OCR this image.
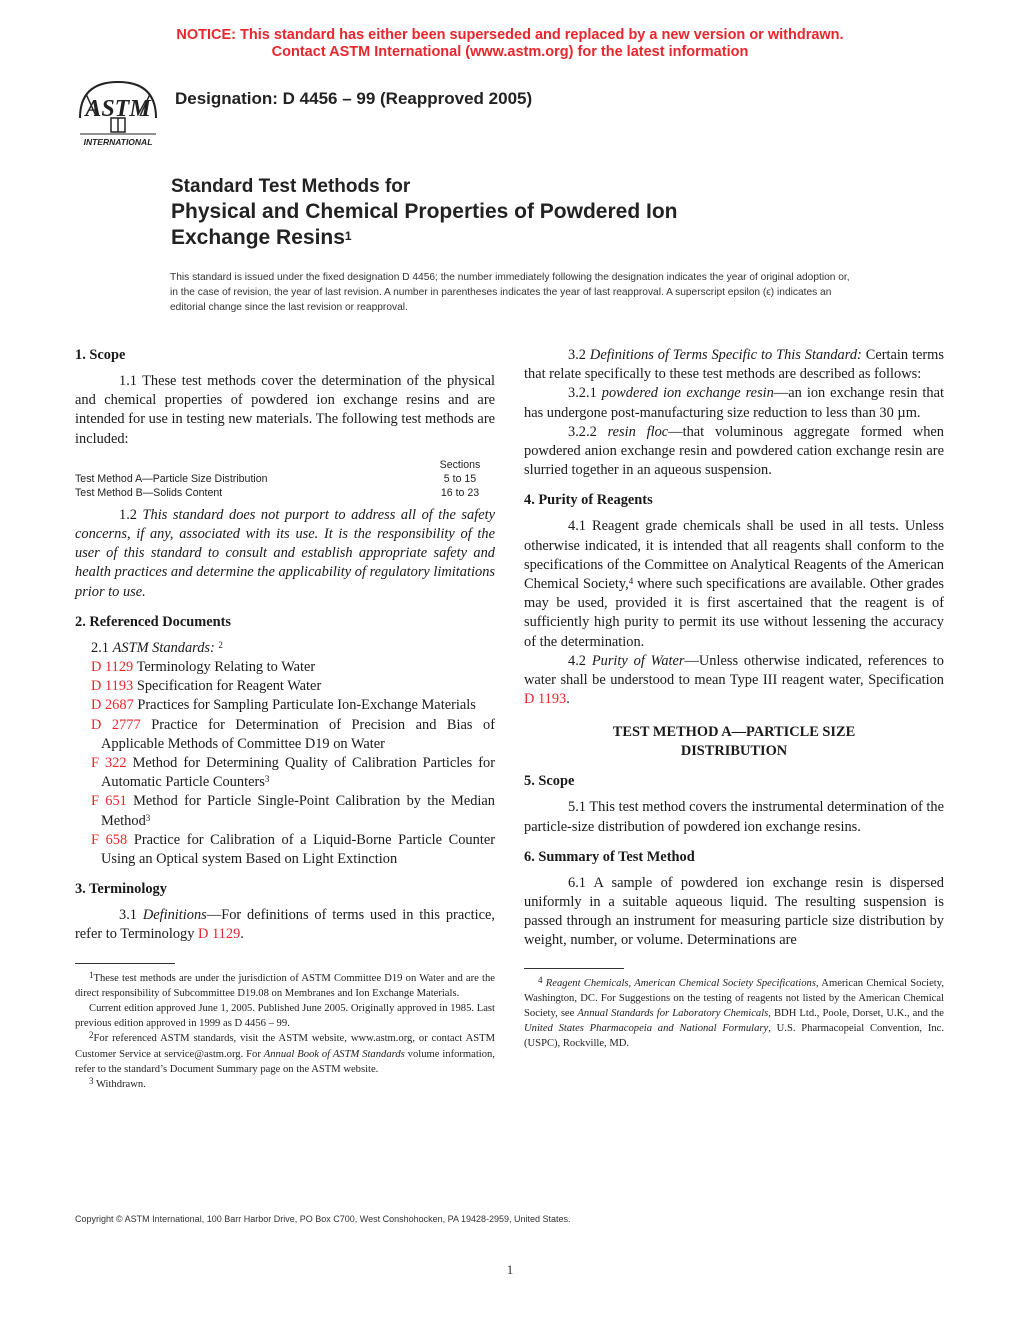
NOTICE: This standard has either been superseded and replaced by a new version or withdrawn.
Contact ASTM International (www.astm.org) for the latest information
ASTM
INTERNATIONAL
Designation: D 4456 – 99 (Reapproved 2005)
Standard Test Methods for
Physical and Chemical Properties of Powdered Ion
Exchange Resins$^1$
This standard is issued under the fixed designation D 4456; the number immediately following the designation indicates the year of original adoption or, in the case of revision, the year of last revision. A number in parentheses indicates the year of last reapproval. A superscript epsilon (ϵ) indicates an editorial change since the last revision or reapproval.
1. Scope

1.1 These test methods cover the determination of the physical and chemical properties of powdered ion exchange resins and are intended for use in testing new materials. The following test methods are included:

Sections
Test Method A—Particle Size Distribution	5 to 15
Test Method B—Solids Content	16 to 23

1.2 This standard does not purport to address all of the safety concerns, if any, associated with its use. It is the responsibility of the user of this standard to consult and establish appropriate safety and health practices and determine the applicability of regulatory limitations prior to use.

2. Referenced Documents

2.1 ASTM Standards: $^2$

D 1129 Terminology Relating to Water
D 1193 Specification for Reagent Water
D 2687 Practices for Sampling Particulate Ion-Exchange Materials
D 2777 Practice for Determination of Precision and Bias of Applicable Methods of Committee D19 on Water
F 322 Method for Determining Quality of Calibration Particles for Automatic Particle Counters$^3$
F 651 Method for Particle Single-Point Calibration by the Median Method$^3$
F 658 Practice for Calibration of a Liquid-Borne Particle Counter Using an Optical system Based on Light Extinction
3. Terminology

3.1 Definitions—For definitions of terms used in this practice, refer to Terminology D 1129.

$^1$These test methods are under the jurisdiction of ASTM Committee D19 on Water and are the direct responsibility of Subcommittee D19.08 on Membranes and Ion Exchange Materials.

Current edition approved June 1, 2005. Published June 2005. Originally approved in 1985. Last previous edition approved in 1999 as D 4456 – 99.

$^2$For referenced ASTM standards, visit the ASTM website, www.astm.org, or contact ASTM Customer Service at service@astm.org. For Annual Book of ASTM Standards volume information, refer to the standard’s Document Summary page on the ASTM website.

$^3$ Withdrawn.

3.2 Definitions of Terms Specific to This Standard: Certain terms that relate specifically to these test methods are described as follows:

3.2.1 powdered ion exchange resin—an ion exchange resin that has undergone post-manufacturing size reduction to less than 30 µm.

3.2.2 resin floc—that voluminous aggregate formed when powdered anion exchange resin and powdered cation exchange resin are slurried together in an aqueous suspension.

4. Purity of Reagents

4.1 Reagent grade chemicals shall be used in all tests. Unless otherwise indicated, it is intended that all reagents shall conform to the specifications of the Committee on Analytical Reagents of the American Chemical Society,$^4$ where such specifications are available. Other grades may be used, provided it is first ascertained that the reagent is of sufficiently high purity to permit its use without lessening the accuracy of the determination.

4.2 Purity of Water—Unless otherwise indicated, references to water shall be understood to mean Type III reagent water, Specification D 1193.

TEST METHOD A—PARTICLE SIZE
DISTRIBUTION
5. Scope

5.1 This test method covers the instrumental determination of the particle-size distribution of powdered ion exchange resins.

6. Summary of Test Method

6.1 A sample of powdered ion exchange resin is dispersed uniformly in a suitable aqueous liquid. The resulting suspension is passed through an instrument for measuring particle size distribution by weight, number, or volume. Determinations are

$^4$ Reagent Chemicals, American Chemical Society Specifications, American Chemical Society, Washington, DC. For Suggestions on the testing of reagents not listed by the American Chemical Society, see Annual Standards for Laboratory Chemicals, BDH Ltd., Poole, Dorset, U.K., and the United States Pharmacopeia and National Formulary, U.S. Pharmacopeial Convention, Inc. (USPC), Rockville, MD.

Copyright © ASTM International, 100 Barr Harbor Drive, PO Box C700, West Conshohocken, PA 19428-2959, United States.
1
